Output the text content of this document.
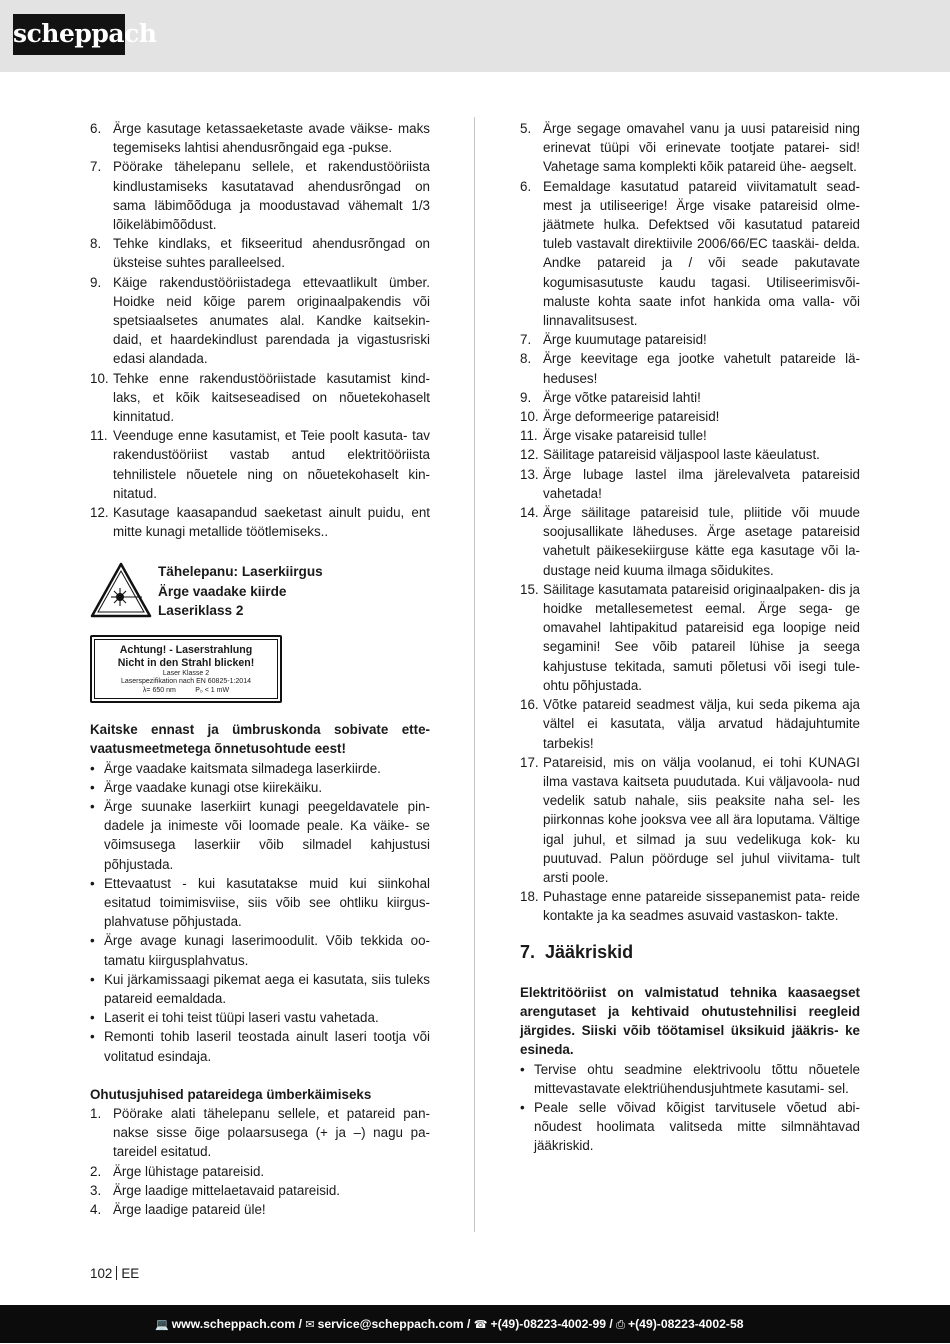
scheppach
6. Ärge kasutage ketassaeketaste avade väikse- maks tegemiseks lahtisi ahendusrõngaid ega -pukse.
7. Pöörake tähelepanu sellele, et rakendustööriista kindlustamiseks kasutatavad ahendusrõngad on sama läbimõõduga ja moodustavad vähemalt 1/3 lõikeläbimõõdust.
8. Tehke kindlaks, et fikseeritud ahendusrõngad on üksteise suhtes paralleelsed.
9. Käige rakendustööriistadega ettevaatlikult ümber. Hoidke neid kõige parem originaalpakendis või spetsiaalsetes anumates alal. Kandke kaitsekin- daid, et haardekindlust parendada ja vigastusriski edasi alandada.
10. Tehke enne rakendustööriistade kasutamist kind- laks, et kõik kaitseseadised on nõuetekohaselt kinnitatud.
11. Veenduge enne kasutamist, et Teie poolt kasuta- tav rakendustööriist vastab antud elektritööriista tehnilistele nõuetele ning on nõuetekohaselt kin- nitatud.
12. Kasutage kaasapandud saeketast ainult puidu, ent mitte kunagi metallide töötlemiseks..
Tähelepanu: Laserkiirgus
Ärge vaadake kiirde
Laseriklass 2
Achtung! - Laserstrahlung
Nicht in den Strahl blicken!
Laser Klasse 2
Laserspezifikation nach EN 60825-1:2014
λ= 650 nm          P₀ < 1 mW
Kaitske ennast ja ümbruskonda sobivate ette- vaatusmeetmetega õnnetusohtude eest!
• Ärge vaadake kaitsmata silmadega laserkiirde.
• Ärge vaadake kunagi otse kiirekäiku.
• Ärge suunake laserkiirt kunagi peegeldavatele pin- dadele ja inimeste või loomade peale. Ka väike- se võimsusega laserkiir võib silmadel kahjustusi põhjustada.
• Ettevaatust - kui kasutatakse muid kui siinkohal esitatud toimimisviise, siis võib see ohtliku kiirgus- plahvatuse põhjustada.
• Ärge avage kunagi laserimoodulit. Võib tekkida oo- tamatu kiirgusplahvatus.
• Kui järkamissaagi pikemat aega ei kasutata, siis tuleks patareid eemaldada.
• Laserit ei tohi teist tüüpi laseri vastu vahetada.
• Remonti tohib laseril teostada ainult laseri tootja või volitatud esindaja.
Ohutusjuhised patareidega ümberkäimiseks
1. Pöörake alati tähelepanu sellele, et patareid pan- nakse sisse õige polaarsusega (+ ja –) nagu pa- tareidel esitatud.
2. Ärge lühistage patareisid.
3. Ärge laadige mittelaetavaid patareisid.
4. Ärge laadige patareid üle!
5. Ärge segage omavahel vanu ja uusi patareisid ning erinevat tüüpi või erinevate tootjate patarei- sid! Vahetage sama komplekti kõik patareid ühe- aegselt.
6. Eemaldage kasutatud patareid viivitamatult sead- mest ja utiliseerige! Ärge visake patareisid olme- jäätmete hulka. Defektsed või kasutatud patareid tuleb vastavalt direktiivile 2006/66/EC taaskäi- delda. Andke patareid ja / või seade pakutavate kogumisasutuste kaudu tagasi. Utiliseerimisvõi- maluste kohta saate infot hankida oma valla- või linnavalitsusest.
7. Ärge kuumutage patareisid!
8. Ärge keevitage ega jootke vahetult patareide lä- heduses!
9. Ärge võtke patareisid lahti!
10. Ärge deformeerige patareisid!
11. Ärge visake patareisid tulle!
12. Säilitage patareisid väljaspool laste käeulatust.
13. Ärge lubage lastel ilma järelevalveta patareisid vahetada!
14. Ärge säilitage patareisid tule, pliitide või muude soojusallikate läheduses. Ärge asetage patareisid vahetult päikesekiirguse kätte ega kasutage või la- dustage neid kuuma ilmaga sõidukites.
15. Säilitage kasutamata patareisid originaalpaken- dis ja hoidke metallesemetest eemal. Ärge sega- ge omavahel lahtipakitud patareisid ega loopige neid segamini! See võib patareil lühise ja seega kahjustuse tekitada, samuti põletusi või isegi tule- ohtu põhjustada.
16. Võtke patareid seadmest välja, kui seda pikema aja vältel ei kasutata, välja arvatud hädajuhtumite tarbekis!
17. Patareisid, mis on välja voolanud, ei tohi KUNAGI ilma vastava kaitseta puudutada. Kui väljavoola- nud vedelik satub nahale, siis peaksite naha sel- les piirkonnas kohe jooksva vee all ära loputama. Vältige igal juhul, et silmad ja suu vedelikuga kok- ku puutuvad. Palun pöörduge sel juhul viivitama- tult arsti poole.
18. Puhastage enne patareide sissepanemist pata- reide kontakte ja ka seadmes asuvaid vastaskon- takte.
7. Jääkriskid
Elektritööriist on valmistatud tehnika kaasaegset arengutaset ja kehtivaid ohutustehnilisi reegleid järgides. Siiski võib töötamisel üksikuid jääkris- ke esineda.
• Tervise ohtu seadmine elektrivoolu tõttu nõuetele mittevastavate elektriühendusjuhtmete kasutami- sel.
• Peale selle võivad kõigist tarvitusele võetud abi- nõudest hoolimata valitseda mitte silmnähtavad jääkriskid.
102 EE
💻 www.scheppach.com / ✉ service@scheppach.com / ☎ +(49)-08223-4002-99 / ⎙ +(49)-08223-4002-58
